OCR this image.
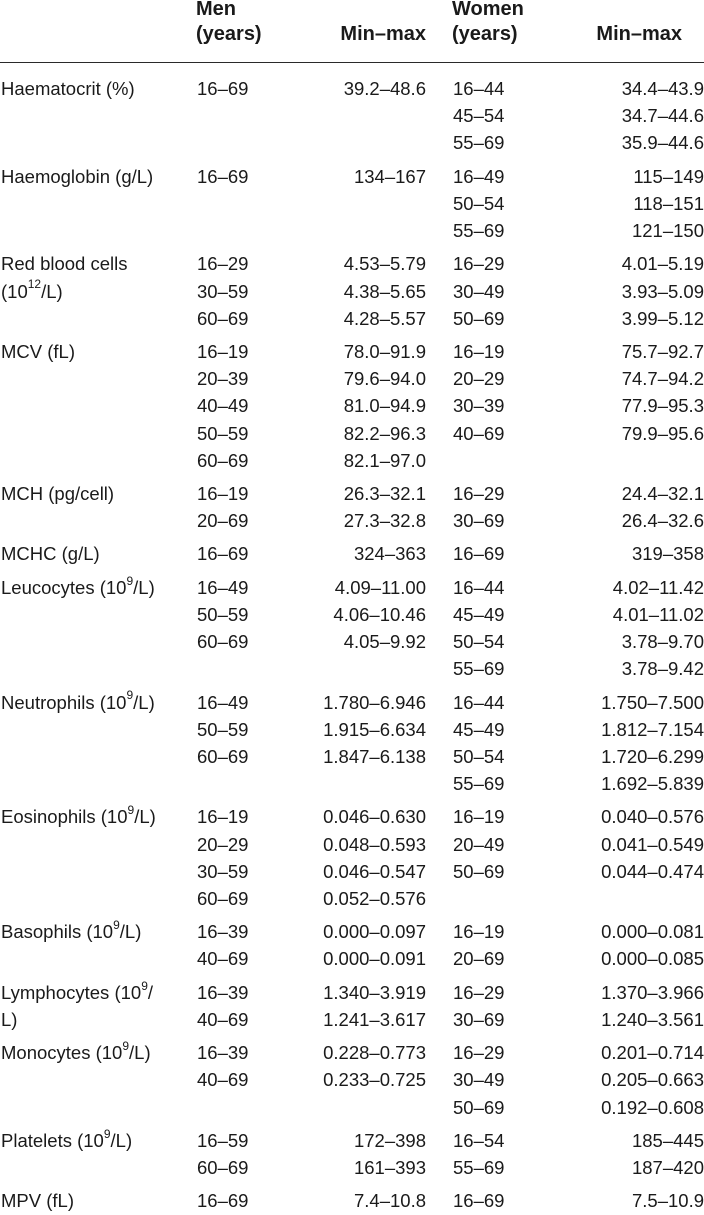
Men
(years)	Min–max
Women
(years)	Min–max
Haematocrit (%)	16–69	39.2–48.6 16–44	34.4–43.9
45–54	34.7–44.6
55–69	35.9–44.6
Haemoglobin (g/L) 16–69	134–167 16–49	115–149
50–54	118–151
55–69	121–150
Red blood cells	16–29	4.53–5.79 16–29	4.01–5.19
$(10^{12}/L)$	30–59	4.38–5.65 30–49	3.93–5.09
60–69	4.28–5.57 50–69	3.99–5.12
MCV (fL)	16–19	78.0–91.9 16–19	75.7–92.7
20–39	79.6–94.0 20–29	74.7–94.2
40–49	81.0–94.9 30–39	77.9–95.3
50–59	82.2–96.3 40–69	79.9–95.6
60–69	82.1–97.0
MCH (pg/cell)	16–19	26.3–32.1 16–29	24.4–32.1
20–69	27.3–32.8 30–69	26.4–32.6
MCHC (g/L)	16–69	324–363 16–69	319–358
Leucocytes $(10^9/L)$ 16–49	4.09–11.00 16–44	4.02–11.42
50–59	4.06–10.46 45–49	4.01–11.02
60–69	4.05–9.92 50–54	3.78–9.70
55–69	3.78–9.42
Neutrophils $(10^9/L)$ 16–49	1.780–6.946 16–44	1.750–7.500
50–59	1.915–6.634 45–49	1.812–7.154
60–69	1.847–6.138 50–54	1.720–6.299
55–69	1.692–5.839
Eosinophils $(10^9/L)$ 16–19	0.046–0.630 16–19	0.040–0.576
20–29	0.048–0.593 20–49	0.041–0.549
30–59	0.046–0.547 50–69	0.044–0.474
60–69	0.052–0.576
Basophils $(10^9/L)$	16–39	0.000–0.097 16–19	0.000–0.081
40–69	0.000–0.091 20–69	0.000–0.085
Lymphocytes ($10^9/$ 16–39	1.340–3.919 16–29	1.370–3.966
L)	40–69	1.241–3.617 30–69	1.240–3.561
Monocytes $(10^9/L)$	16–39	0.228–0.773 16–29	0.201–0.714
40–69	0.233–0.725 30–49	0.205–0.663
50–69	0.192–0.608
Platelets $(10^9/L)$	16–59	172–398 16–54	185–445
60–69	161–393 55–69	187–420
MPV (fL)	16–69	7.4–10.8 16–69	7.5–10.9
